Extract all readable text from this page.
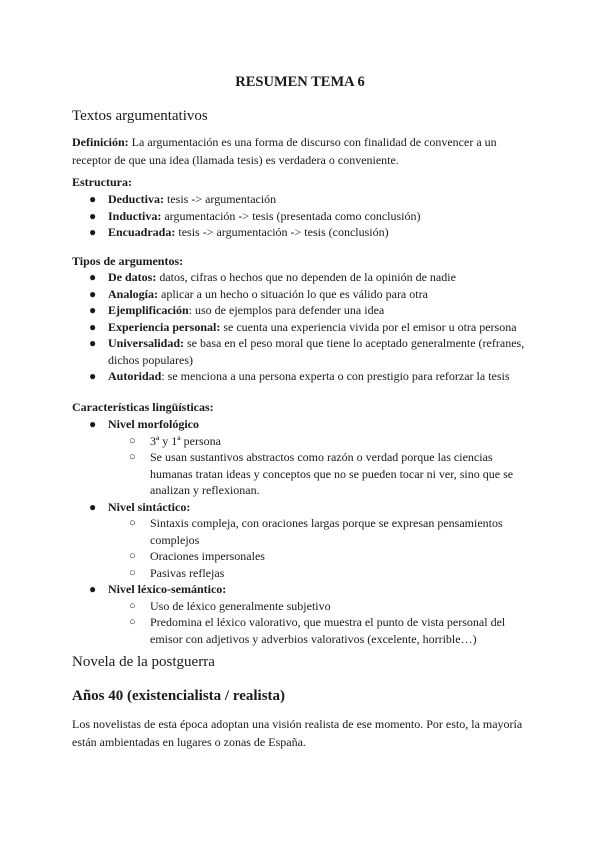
RESUMEN TEMA 6
Textos argumentativos
Definición: La argumentación es una forma de discurso con finalidad de convencer a un receptor de que una idea (llamada tesis) es verdadera o conveniente.
Estructura:
● Deductiva: tesis -> argumentación
● Inductiva: argumentación -> tesis (presentada como conclusión)
● Encuadrada: tesis -> argumentación -> tesis (conclusión)
Tipos de argumentos:
● De datos: datos, cifras o hechos que no dependen de la opinión de nadie
● Analogía: aplicar a un hecho o situación lo que es válido para otra
● Ejemplificación: uso de ejemplos para defender una idea
● Experiencia personal: se cuenta una experiencia vivida por el emisor u otra persona
● Universalidad: se basa en el peso moral que tiene lo aceptado generalmente (refranes, dichos populares)
● Autoridad: se menciona a una persona experta o con prestigio para reforzar la tesis
Características lingüísticas:
● Nivel morfológico
○ 3ª y 1ª persona
○ Se usan sustantivos abstractos como razón o verdad porque las ciencias humanas tratan ideas y conceptos que no se pueden tocar ni ver, sino que se analizan y reflexionan.
● Nivel sintáctico:
○ Sintaxis compleja, con oraciones largas porque se expresan pensamientos complejos
○ Oraciones impersonales
○ Pasivas reflejas
● Nivel léxico-semántico:
○ Uso de léxico generalmente subjetivo
○ Predomina el léxico valorativo, que muestra el punto de vista personal del emisor con adjetivos y adverbios valorativos (excelente, horrible…)
Novela de la postguerra
Años 40 (existencialista / realista)
Los novelistas de esta época adoptan una visión realista de ese momento. Por esto, la mayoría están ambientadas en lugares o zonas de España.
